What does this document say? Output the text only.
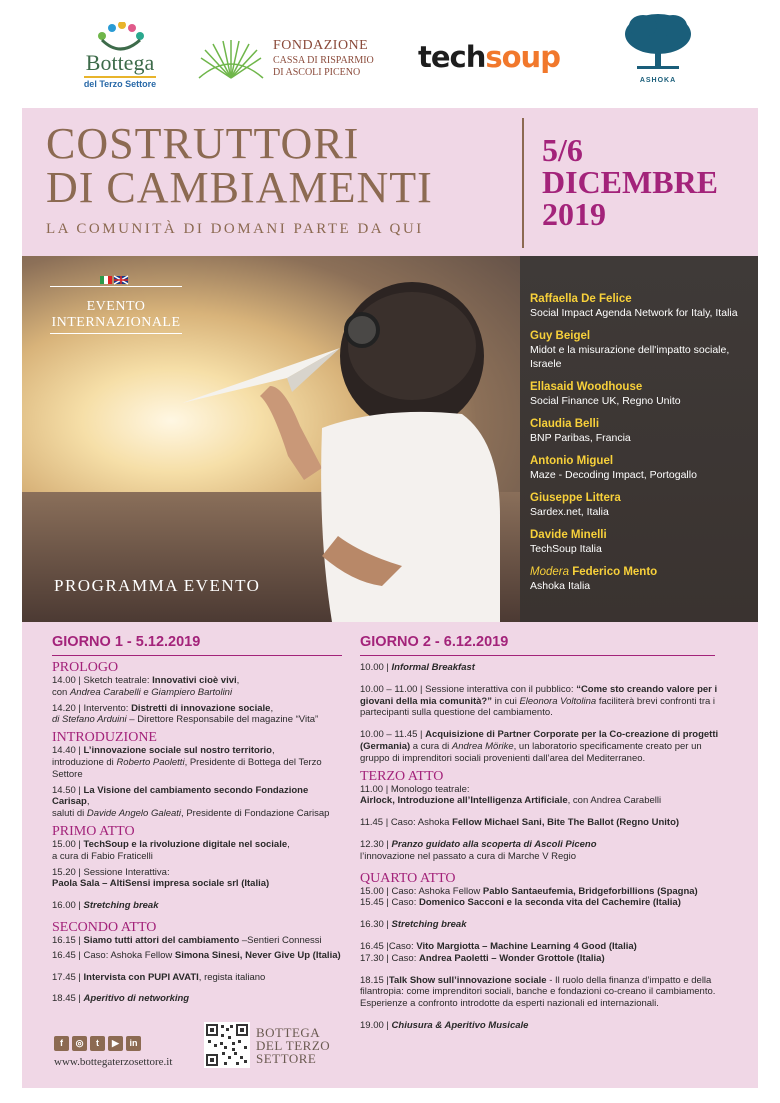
Bottega
del Terzo Settore
FONDAZIONE
CASSA DI RISPARMIO
DI ASCOLI PICENO techsoup
ASHOKA
COSTRUTTORI
DI CAMBIAMENTI
LA COMUNITÀ DI DOMANI PARTE DA QUI
5/6
DICEMBRE
2019
EVENTO
INTERNAZIONALE
PROGRAMMA EVENTO
Raffaella De Felice
Social Impact Agenda Network for Italy, Italia
Guy Beigel
Midot e la misurazione dell'impatto sociale, Israele
Ellasaid Woodhouse
Social Finance UK, Regno Unito
Claudia Belli
BNP Paribas, Francia
Antonio Miguel
Maze - Decoding Impact, Portogallo
Giuseppe Littera
Sardex.net, Italia
Davide Minelli
TechSoup Italia
Modera Federico Mento
Ashoka Italia
GIORNO 1 - 5.12.2019
PROLOGO
14.00 | Sketch teatrale: Innovativi cioè vivi,
con Andrea Carabelli e Giampiero Bartolini
14.20 | Intervento: Distretti di innovazione sociale,
di Stefano Arduini – Direttore Responsabile del magazine “Vita”
INTRODUZIONE
14.40 | L’innovazione sociale sul nostro territorio,
introduzione di Roberto Paoletti, Presidente di Bottega del Terzo Settore
14.50 | La Visione del cambiamento secondo Fondazione Carisap,
saluti di Davide Angelo Galeati, Presidente di Fondazione Carisap
PRIMO ATTO
15.00 | TechSoup e la rivoluzione digitale nel sociale,
a cura di Fabio Fraticelli
15.20 | Sessione Interattiva:
Paola Sala – AltiSensi impresa sociale srl (Italia)
16.00 | Stretching break
SECONDO ATTO
16.15 | Siamo tutti attori del cambiamento –Sentieri Connessi
16.45 | Caso: Ashoka Fellow Simona Sinesi, Never Give Up (Italia)
17.45 | Intervista con PUPI AVATI, regista italiano
18.45 | Aperitivo di networking
GIORNO 2 - 6.12.2019
10.00 | Informal Breakfast
10.00 – 11.00 | Sessione interattiva con il pubblico: “Come sto creando valore per i giovani della mia comunità?” in cui Eleonora Voltolina faciliterà brevi confronti tra i partecipanti sulla questione del cambiamento.
10.00 – 11.45 | Acquisizione di Partner Corporate per la Co-creazione di progetti (Germania) a cura di Andrea Mörike, un laboratorio specificamente creato per un gruppo di imprenditori sociali provenienti dall’area del Mediterraneo.
TERZO ATTO
11.00 | Monologo teatrale:
Airlock, Introduzione all’Intelligenza Artificiale, con Andrea Carabelli
11.45 | Caso: Ashoka Fellow Michael Sani, Bite The Ballot (Regno Unito)
12.30 | Pranzo guidato alla scoperta di Ascoli Piceno
l’innovazione nel passato a cura di Marche V Regio
QUARTO ATTO
15.00 | Caso: Ashoka Fellow Pablo Santaeufemia, Bridgeforbillions (Spagna)
15.45 | Caso: Domenico Sacconi e la seconda vita del Cachemire (Italia)
16.30 | Stretching break
16.45 |Caso: Vito Margiotta – Machine Learning 4 Good (Italia)
17.30 | Caso: Andrea Paoletti – Wonder Grottole (Italia)
18.15 |Talk Show sull’innovazione sociale - Il ruolo della finanza d’impatto e della filantropia: come imprenditori sociali, banche e fondazioni co-creano il cambiamento. Esperienze a confronto introdotte da esperti nazionali ed internazionali.
19.00 | Chiusura & Aperitivo Musicale
f	◎	t	▶	in
www.bottegaterzosettore.it
BOTTEGA
DEL TERZO
SETTORE
